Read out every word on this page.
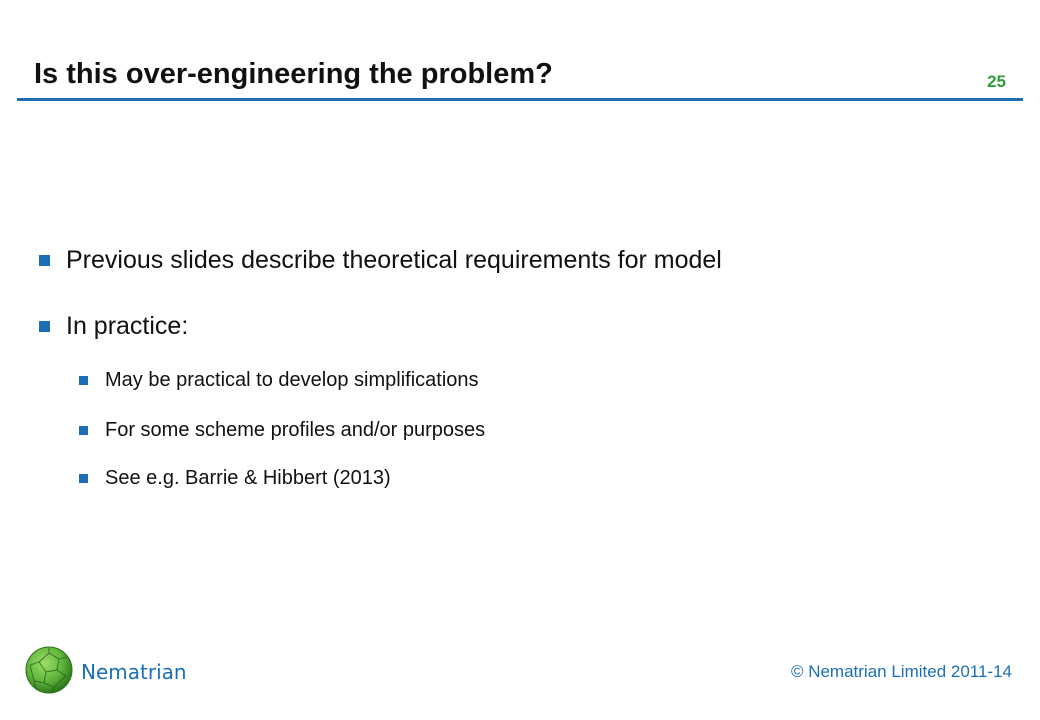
Is this over-engineering the problem?	25
Previous slides describe theoretical requirements for model
In practice:
May be practical to develop simplifications
For some scheme profiles and/or purposes
See e.g. Barrie & Hibbert (2013)
Nematrian	© Nematrian Limited 2011-14
